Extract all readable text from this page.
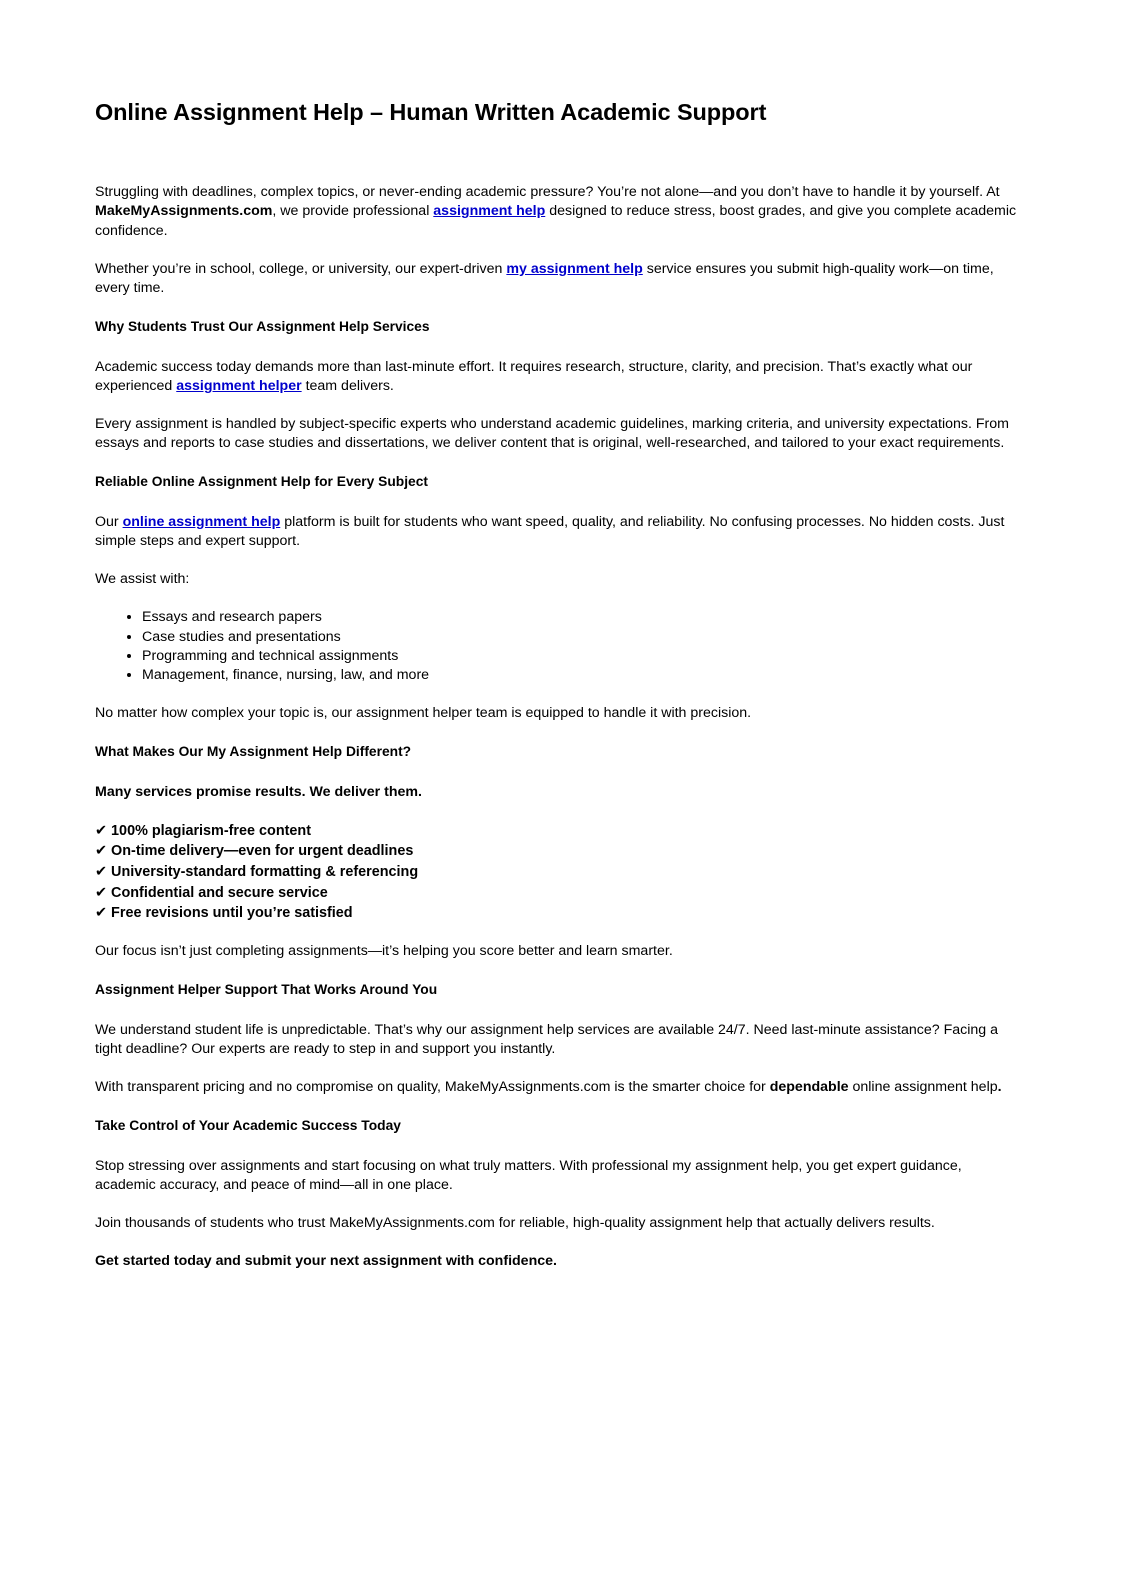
Online Assignment Help – Human Written Academic Support

Struggling with deadlines, complex topics, or never-ending academic pressure? You’re not alone—and you don’t have to handle it by yourself. At MakeMyAssignments.com, we provide professional assignment help designed to reduce stress, boost grades, and give you complete academic confidence.

Whether you’re in school, college, or university, our expert-driven my assignment help service ensures you submit high-quality work—on time, every time.

Why Students Trust Our Assignment Help Services

Academic success today demands more than last-minute effort. It requires research, structure, clarity, and precision. That’s exactly what our experienced assignment helper team delivers.

Every assignment is handled by subject-specific experts who understand academic guidelines, marking criteria, and university expectations. From essays and reports to case studies and dissertations, we deliver content that is original, well-researched, and tailored to your exact requirements.

Reliable Online Assignment Help for Every Subject

Our online assignment help platform is built for students who want speed, quality, and reliability. No confusing processes. No hidden costs. Just simple steps and expert support.

We assist with:

• Essays and research papers
• Case studies and presentations
• Programming and technical assignments
• Management, finance, nursing, law, and more

No matter how complex your topic is, our assignment helper team is equipped to handle it with precision.

What Makes Our My Assignment Help Different?

Many services promise results. We deliver them.

✔ 100% plagiarism-free content

✔ On-time delivery—even for urgent deadlines

✔ University-standard formatting & referencing

✔ Confidential and secure service

✔ Free revisions until you’re satisfied

Our focus isn’t just completing assignments—it’s helping you score better and learn smarter.

Assignment Helper Support That Works Around You

We understand student life is unpredictable. That’s why our assignment help services are available 24/7. Need last-minute assistance? Facing a tight deadline? Our experts are ready to step in and support you instantly.

With transparent pricing and no compromise on quality, MakeMyAssignments.com is the smarter choice for dependable online assignment help.

Take Control of Your Academic Success Today

Stop stressing over assignments and start focusing on what truly matters. With professional my assignment help, you get expert guidance, academic accuracy, and peace of mind—all in one place.

Join thousands of students who trust MakeMyAssignments.com for reliable, high-quality assignment help that actually delivers results.

Get started today and submit your next assignment with confidence.
